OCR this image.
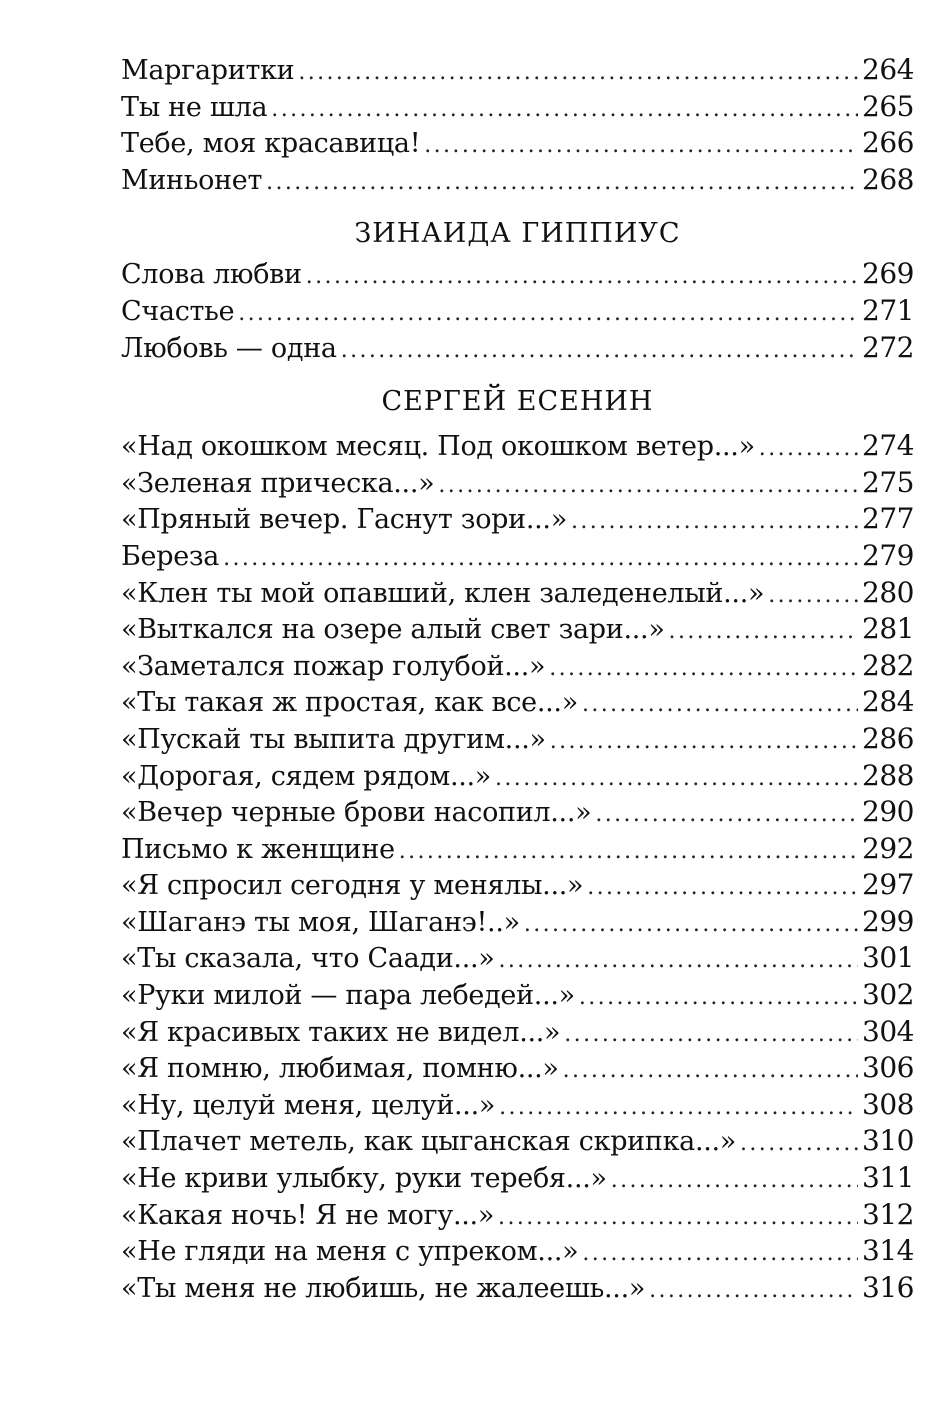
Маргаритки .....	264
Ты не шла .....	265
Тебе, моя красавица! .....	266
Миньонет .....	268
ЗИНАИДА ГИППИУС
Слова любви .....	269
Счастье .....	271
Любовь — одна .....	272
СЕРГЕЙ ЕСЕНИН
«Над окошком месяц. Под окошком ветер...» .....	274
«Зеленая прическа...» .....	275
«Пряный вечер. Гаснут зори...» .....	277
Береза .....	279
«Клен ты мой опавший, клен заледенелый...» .....	280
«Выткался на озере алый свет зари...» .....	281
«Заметался пожар голубой...» .....	282
«Ты такая ж простая, как все...» .....	284
«Пускай ты выпита другим...» .....	286
«Дорогая, сядем рядом...» .....	288
«Вечер черные брови насопил...» .....	290
Письмо к женщине .....	292
«Я спросил сегодня у менялы...» .....	297
«Шаганэ ты моя, Шаганэ!..» .....	299
«Ты сказала, что Саади...» .....	301
«Руки милой — пара лебедей...» .....	302
«Я красивых таких не видел...» .....	304
«Я помню, любимая, помню...» .....	306
«Ну, целуй меня, целуй...» .....	308
«Плачет метель, как цыганская скрипка...» .....	310
«Не криви улыбку, руки теребя...» .....	311
«Какая ночь! Я не могу...» .....	312
«Не гляди на меня с упреком...» .....	314
«Ты меня не любишь, не жалеешь...» .....	316
